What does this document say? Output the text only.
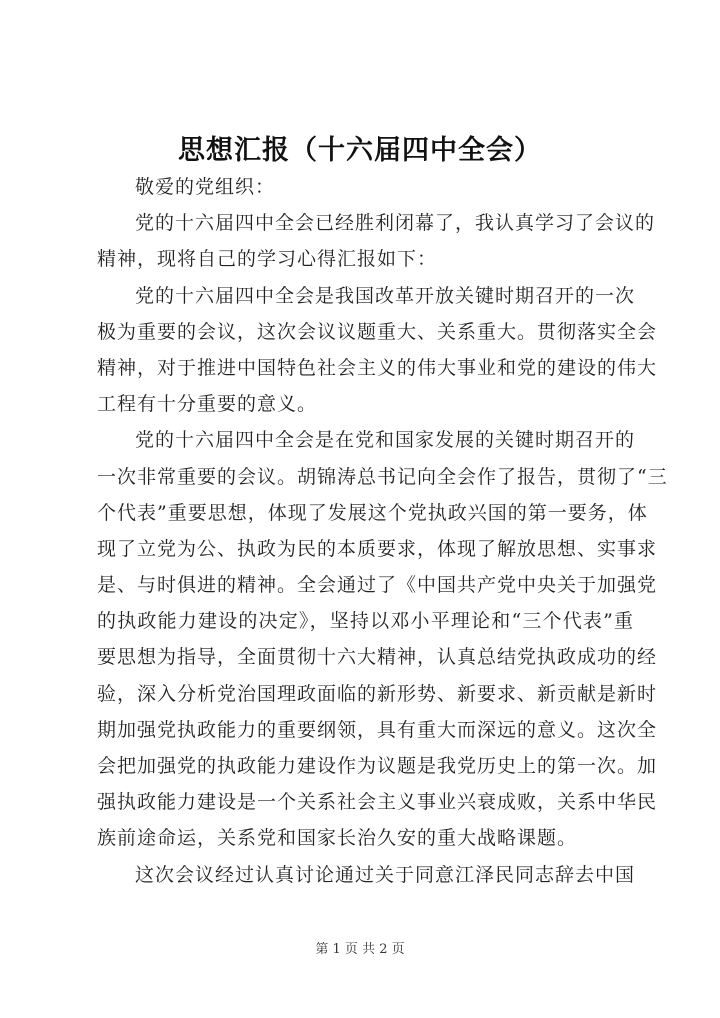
思想汇报（十六届四中全会）
敬爱的党组织：
党的十六届四中全会已经胜利闭幕了，我认真学习了会议的
精神，现将自己的学习心得汇报如下：
党的十六届四中全会是我国改革开放关键时期召开的一次
极为重要的会议，这次会议议题重大、关系重大。贯彻落实全会
精神，对于推进中国特色社会主义的伟大事业和党的建设的伟大
工程有十分重要的意义。
党的十六届四中全会是在党和国家发展的关键时期召开的
一次非常重要的会议。胡锦涛总书记向全会作了报告，贯彻了“三
个代表”重要思想，体现了发展这个党执政兴国的第一要务，体
现了立党为公、执政为民的本质要求，体现了解放思想、实事求
是、与时俱进的精神。全会通过了《中国共产党中央关于加强党
的执政能力建设的决定》，坚持以邓小平理论和“三个代表”重
要思想为指导，全面贯彻十六大精神，认真总结党执政成功的经
验，深入分析党治国理政面临的新形势、新要求、新贡献是新时
期加强党执政能力的重要纲领，具有重大而深远的意义。这次全
会把加强党的执政能力建设作为议题是我党历史上的第一次。加
强执政能力建设是一个关系社会主义事业兴衰成败，关系中华民
族前途命运，关系党和国家长治久安的重大战略课题。
这次会议经过认真讨论通过关于同意江泽民同志辞去中国
第 1 页 共 2 页
